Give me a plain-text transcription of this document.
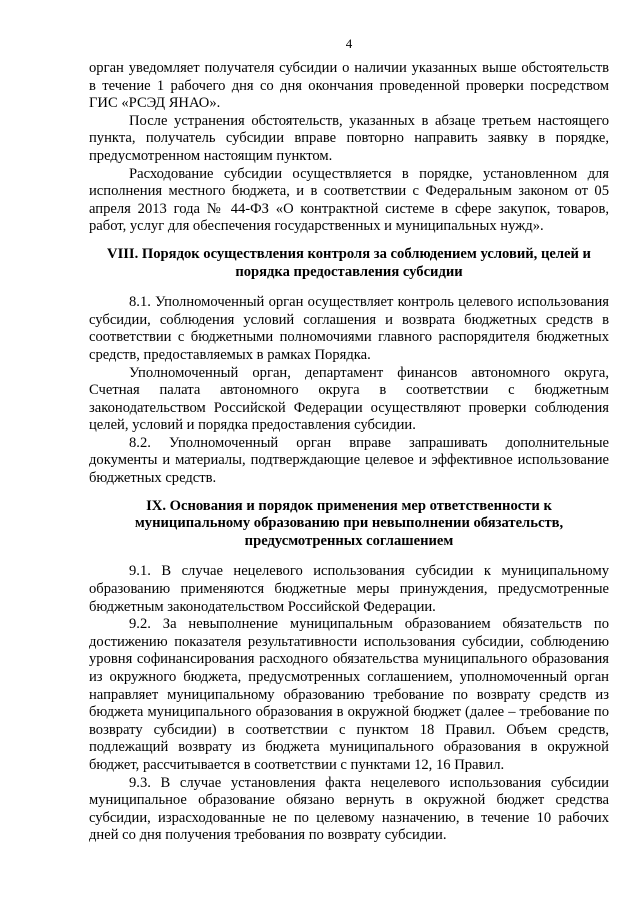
4

орган уведомляет получателя субсидии о наличии указанных выше обстоятельств в течение 1 рабочего дня со дня окончания проведенной проверки посредством ГИС «РСЭД ЯНАО».

После устранения обстоятельств, указанных в абзаце третьем настоящего пункта, получатель субсидии вправе повторно направить заявку в порядке, предусмотренном настоящим пунктом.

Расходование субсидии осуществляется в порядке, установленном для исполнения местного бюджета, и в соответствии с Федеральным законом от 05 апреля 2013 года № 44-ФЗ «О контрактной системе в сфере закупок, товаров, работ, услуг для обеспечения государственных и муниципальных нужд».

VIII. Порядок осуществления контроля за соблюдением условий, целей и порядка предоставления субсидии

8.1. Уполномоченный орган осуществляет контроль целевого использования субсидии, соблюдения условий соглашения и возврата бюджетных средств в соответствии с бюджетными полномочиями главного распорядителя бюджетных средств, предоставляемых в рамках Порядка.

Уполномоченный орган, департамент финансов автономного округа, Счетная палата автономного округа в соответствии с бюджетным законодательством Российской Федерации осуществляют проверки соблюдения целей, условий и порядка предоставления субсидии.

8.2. Уполномоченный орган вправе запрашивать дополнительные документы и материалы, подтверждающие целевое и эффективное использование бюджетных средств.

IX. Основания и порядок применения мер ответственности к муниципальному образованию при невыполнении обязательств, предусмотренных соглашением

9.1. В случае нецелевого использования субсидии к муниципальному образованию применяются бюджетные меры принуждения, предусмотренные бюджетным законодательством Российской Федерации.

9.2. За невыполнение муниципальным образованием обязательств по достижению показателя результативности использования субсидии, соблюдению уровня софинансирования расходного обязательства муниципального образования из окружного бюджета, предусмотренных соглашением, уполномоченный орган направляет муниципальному образованию требование по возврату средств из бюджета муниципального образования в окружной бюджет (далее – требование по возврату субсидии) в соответствии с пунктом 18 Правил. Объем средств, подлежащий возврату из бюджета муниципального образования в окружной бюджет, рассчитывается в соответствии с пунктами 12, 16 Правил.

9.3. В случае установления факта нецелевого использования субсидии муниципальное образование обязано вернуть в окружной бюджет средства субсидии, израсходованные не по целевому назначению, в течение 10 рабочих дней со дня получения требования по возврату субсидии.
